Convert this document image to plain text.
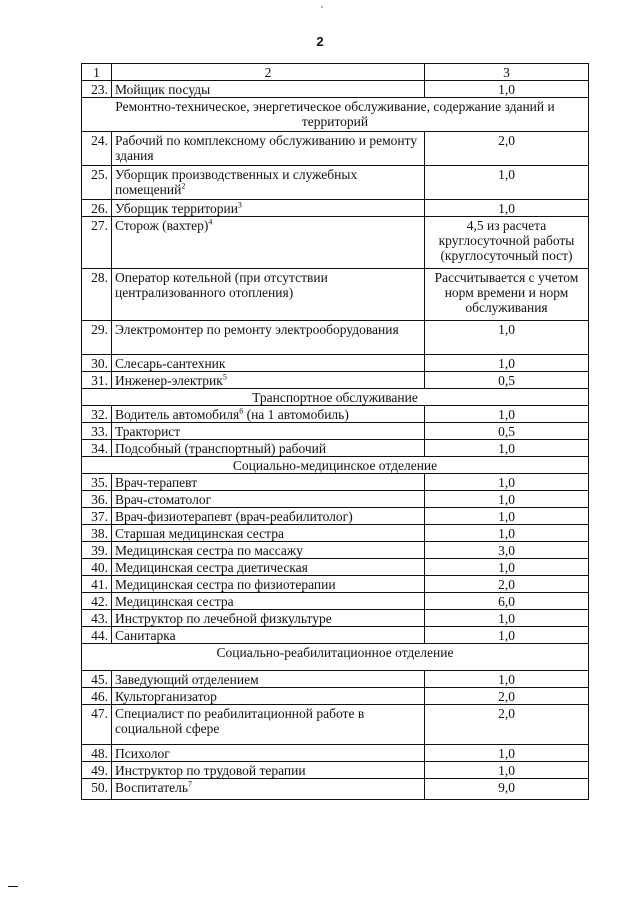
2
1	2	3
23.	Мойщик посуды	1,0
Ремонтно-техническое, энергетическое обслуживание, содержание зданий и территорий		
24.	Рабочий по комплексному обслуживанию и ремонту здания	2,0
25.	Уборщик производственных и служебных помещений$^2$	1,0
26.	Уборщик территории$^3$	1,0
27.	Сторож (вахтер)$^4$	4,5 из расчета круглосуточной работы (круглосуточный пост)
28.	Оператор котельной (при отсутствии централизованного отопления)	Рассчитывается с учетом норм времени и норм обслуживания
29.	Электромонтер по ремонту электрооборудования	1,0
30.	Слесарь-сантехник	1,0
31.	Инженер-электрик$^5$	0,5
Транспортное обслуживание		
32.	Водитель автомобиля$^6$ (на 1 автомобиль)	1,0
33.	Тракторист	0,5
34.	Подсобный (транспортный) рабочий	1,0
Социально-медицинское отделение		
35.	Врач-терапевт	1,0
36.	Врач-стоматолог	1,0
37.	Врач-физиотерапевт (врач-реабилитолог)	1,0
38.	Старшая медицинская сестра	1,0
39.	Медицинская сестра по массажу	3,0
40.	Медицинская сестра диетическая	1,0
41.	Медицинская сестра по физиотерапии	2,0
42.	Медицинская сестра	6,0
43.	Инструктор по лечебной физкультуре	1,0
44.	Санитарка	1,0
Социально-реабилитационное отделение		
45.	Заведующий отделением	1,0
46.	Культорганизатор	2,0
47.	Специалист по реабилитационной работе в социальной сфере	2,0
48.	Психолог	1,0
49.	Инструктор по трудовой терапии	1,0
50.	Воспитатель$^7$	9,0
